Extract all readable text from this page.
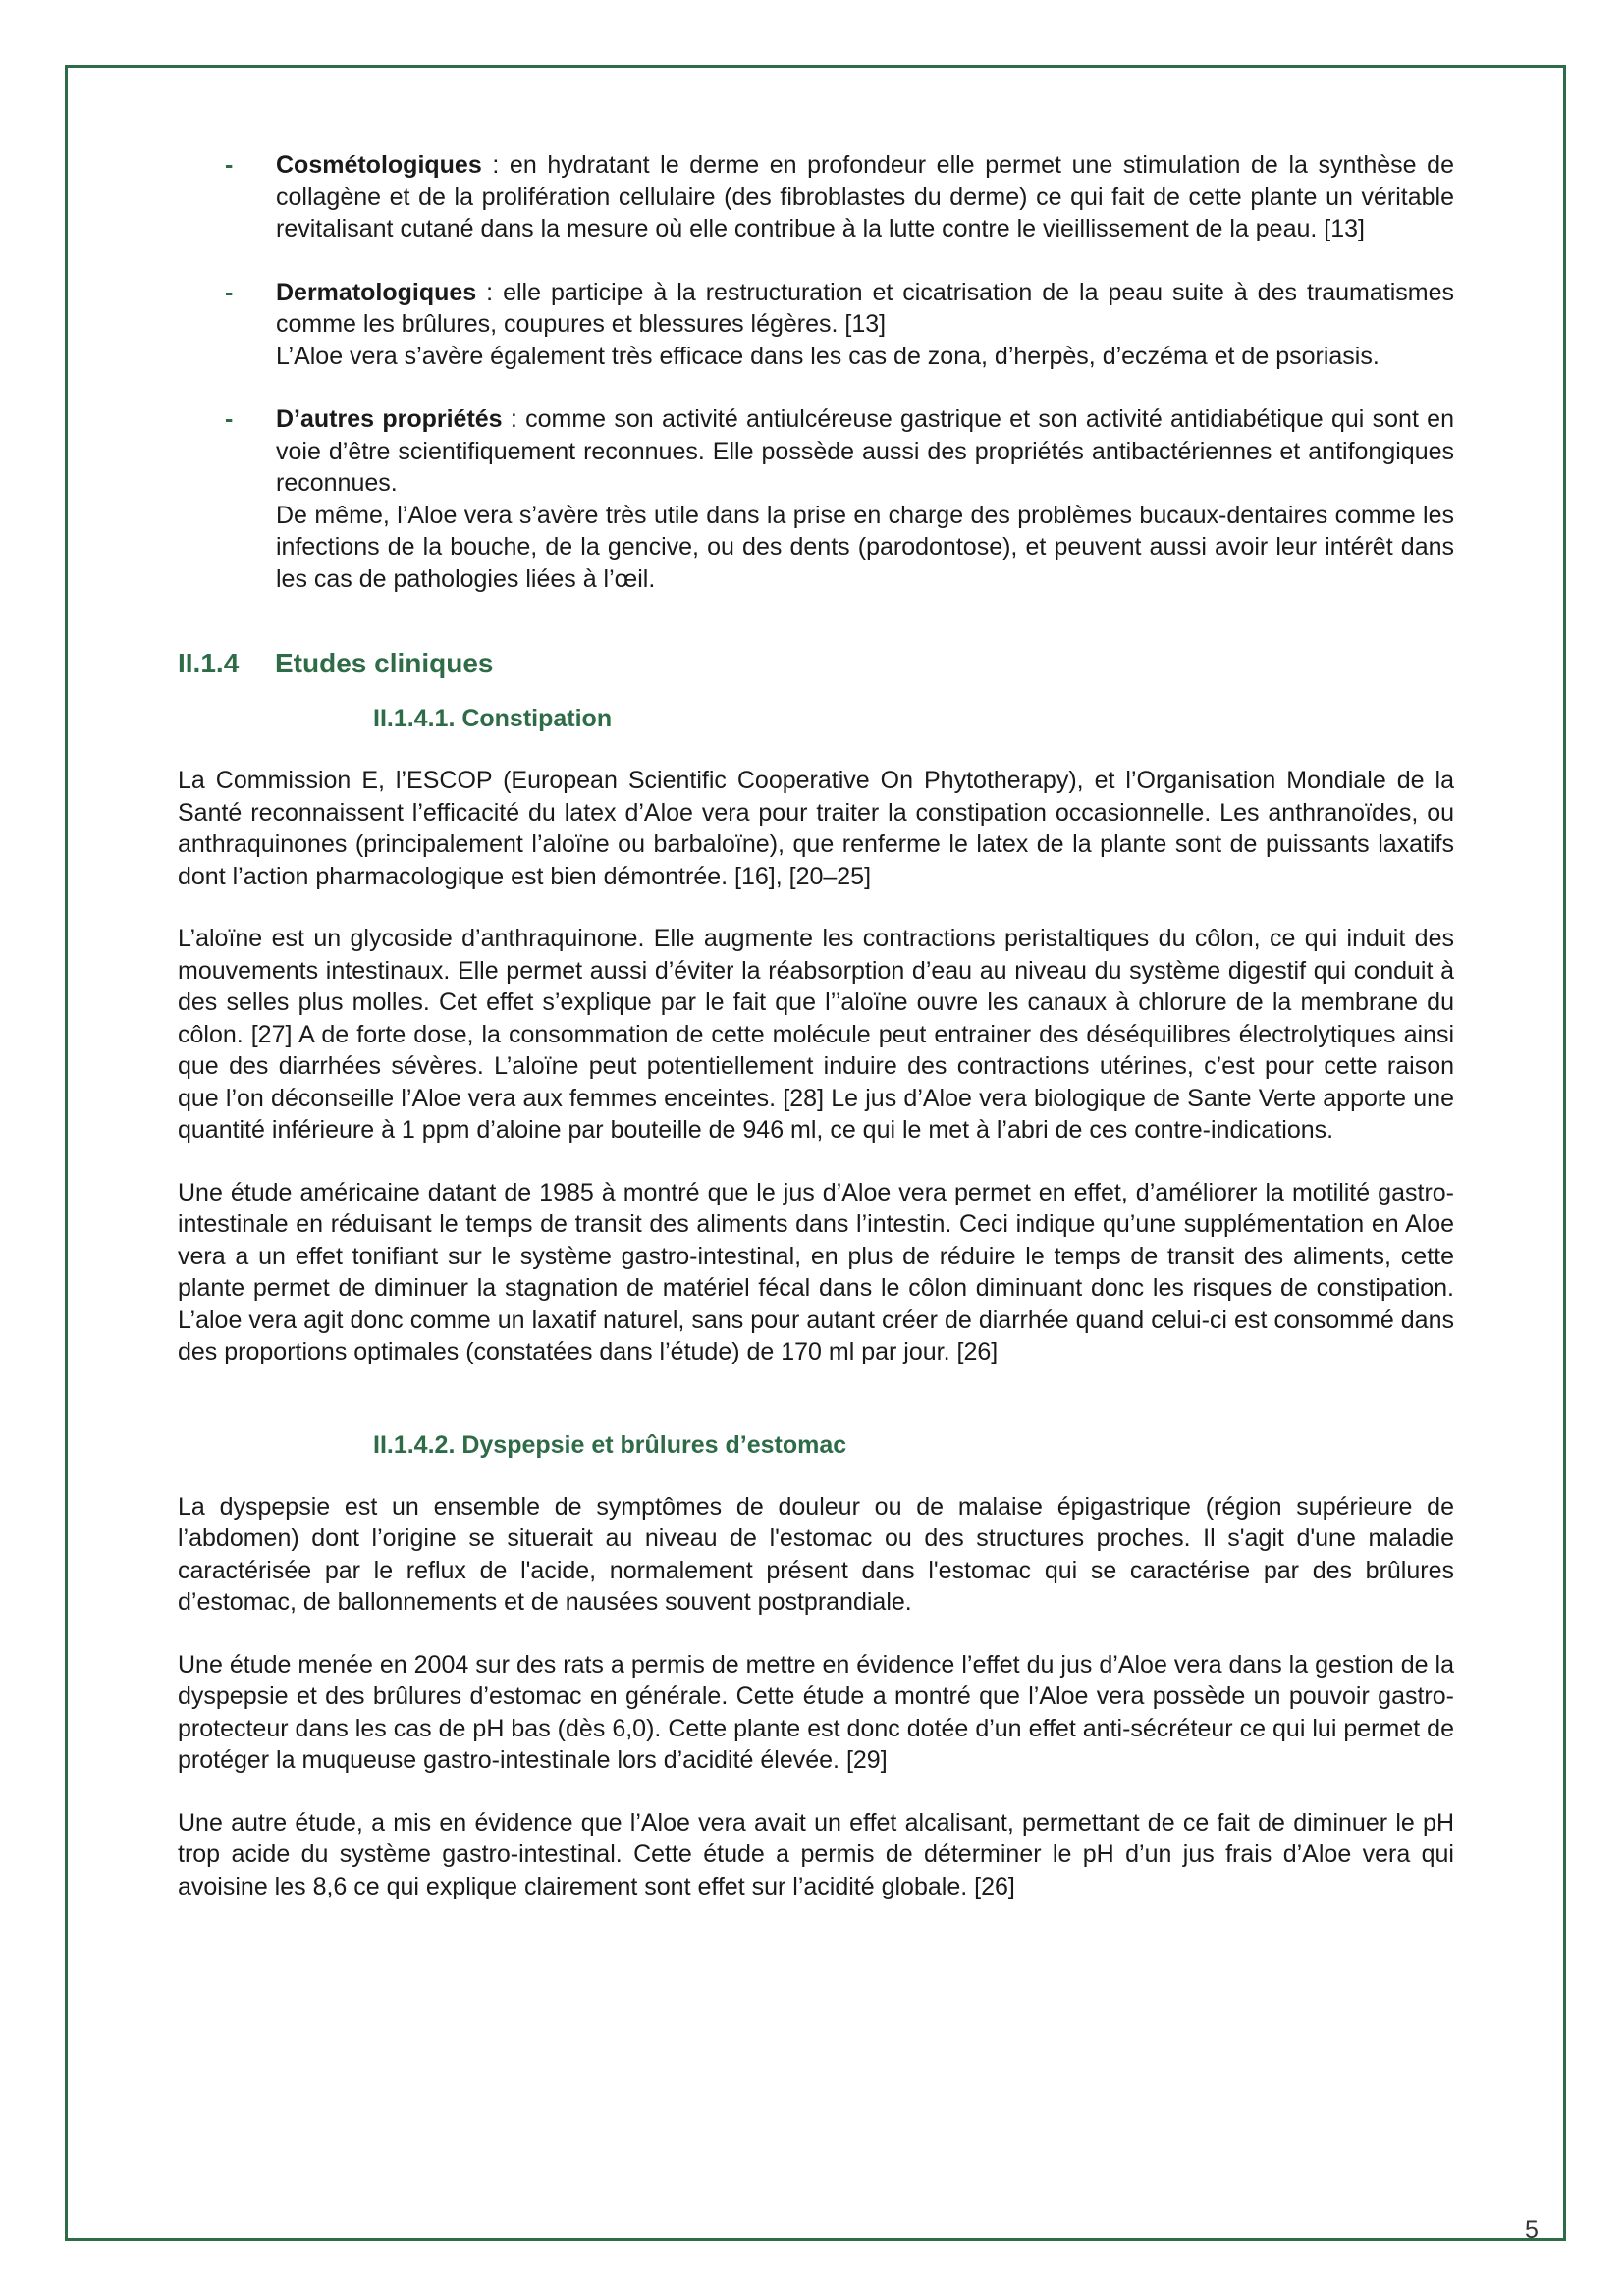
- Cosmétologiques : en hydratant le derme en profondeur elle permet une stimulation de la synthèse de collagène et de la prolifération cellulaire (des fibroblastes du derme) ce qui fait de cette plante un véritable revitalisant cutané dans la mesure où elle contribue à la lutte contre le vieillissement de la peau. [13]

- Dermatologiques : elle participe à la restructuration et cicatrisation de la peau suite à des traumatismes comme les brûlures, coupures et blessures légères. [13]

L’Aloe vera s’avère également très efficace dans les cas de zona, d’herpès, d’eczéma et de psoriasis.

- D’autres propriétés : comme son activité antiulcéreuse gastrique et son activité antidiabétique qui sont en voie d’être scientifiquement reconnues. Elle possède aussi des propriétés antibactériennes et antifongiques reconnues.

De même, l’Aloe vera s’avère très utile dans la prise en charge des problèmes bucaux-dentaires comme les infections de la bouche, de la gencive, ou des dents (parodontose), et peuvent aussi avoir leur intérêt dans les cas de pathologies liées à l’œil.

II.1.4 Etudes cliniques
II.1.4.1. Constipation

La Commission E, l’ESCOP (European Scientific Cooperative On Phytotherapy), et l’Organisation Mondiale de la Santé reconnaissent l’efficacité du latex d’Aloe vera pour traiter la constipation occasionnelle. Les anthranoïdes, ou anthraquinones (principalement l’aloïne ou barbaloïne), que renferme le latex de la plante sont de puissants laxatifs dont l’action pharmacologique est bien démontrée. [16], [20–25]

L’aloïne est un glycoside d’anthraquinone. Elle augmente les contractions peristaltiques du côlon, ce qui induit des mouvements intestinaux. Elle permet aussi d’éviter la réabsorption d’eau au niveau du système digestif qui conduit à des selles plus molles. Cet effet s’explique par le fait que l’’aloïne ouvre les canaux à chlorure de la membrane du côlon. [27] A de forte dose, la consommation de cette molécule peut entrainer des déséquilibres électrolytiques ainsi que des diarrhées sévères. L’aloïne peut potentiellement induire des contractions utérines, c’est pour cette raison que l’on déconseille l’Aloe vera aux femmes enceintes. [28] Le jus d’Aloe vera biologique de Sante Verte apporte une quantité inférieure à 1 ppm d’aloine par bouteille de 946 ml, ce qui le met à l’abri de ces contre-indications.

Une étude américaine datant de 1985 à montré que le jus d’Aloe vera permet en effet, d’améliorer la motilité gastro-intestinale en réduisant le temps de transit des aliments dans l’intestin. Ceci indique qu’une supplémentation en Aloe vera a un effet tonifiant sur le système gastro-intestinal, en plus de réduire le temps de transit des aliments, cette plante permet de diminuer la stagnation de matériel fécal dans le côlon diminuant donc les risques de constipation. L’aloe vera agit donc comme un laxatif naturel, sans pour autant créer de diarrhée quand celui-ci est consommé dans des proportions optimales (constatées dans l’étude) de 170 ml par jour. [26]

II.1.4.2. Dyspepsie et brûlures d’estomac

La dyspepsie est un ensemble de symptômes de douleur ou de malaise épigastrique (région supérieure de l’abdomen) dont l’origine se situerait au niveau de l'estomac ou des structures proches. Il s'agit d'une maladie caractérisée par le reflux de l'acide, normalement présent dans l'estomac qui se caractérise par des brûlures d’estomac, de ballonnements et de nausées souvent postprandiale.

Une étude menée en 2004 sur des rats a permis de mettre en évidence l’effet du jus d’Aloe vera dans la gestion de la dyspepsie et des brûlures d’estomac en générale. Cette étude a montré que l’Aloe vera possède un pouvoir gastro-protecteur dans les cas de pH bas (dès 6,0). Cette plante est donc dotée d’un effet anti-sécréteur ce qui lui permet de protéger la muqueuse gastro-intestinale lors d’acidité élevée. [29]

Une autre étude, a mis en évidence que l’Aloe vera avait un effet alcalisant, permettant de ce fait de diminuer le pH trop acide du système gastro-intestinal. Cette étude a permis de déterminer le pH d’un jus frais d’Aloe vera qui avoisine les 8,6 ce qui explique clairement sont effet sur l’acidité globale. [26]

5
